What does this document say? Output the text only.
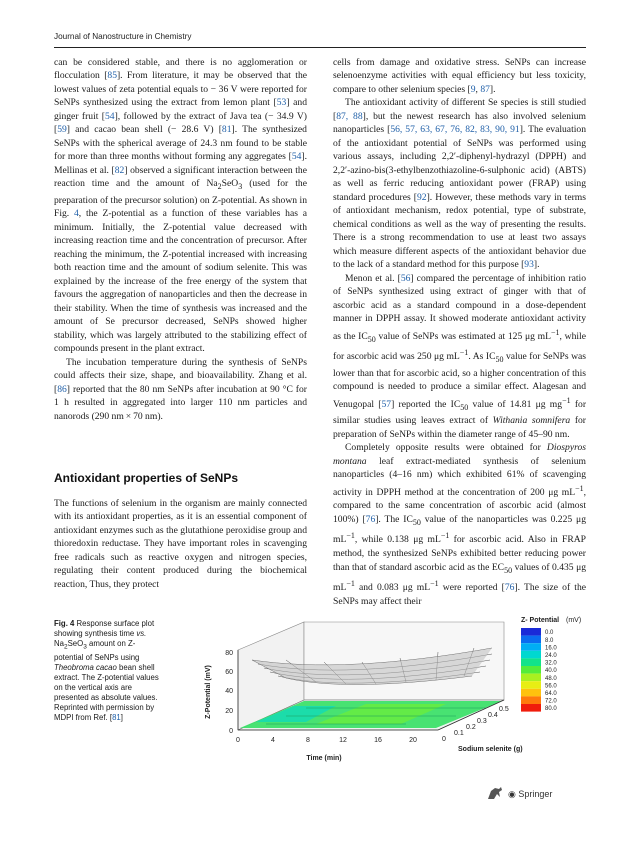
Journal of Nanostructure in Chemistry

can be considered stable, and there is no agglomeration or flocculation [85]. From literature, it may be observed that the lowest values of zeta potential equals to − 36 V were reported for SeNPs synthesized using the extract from lemon plant [53] and ginger fruit [54], followed by the extract of Java tea (− 34.9 V) [59] and cacao bean shell (− 28.6 V) [81]. The synthesized SeNPs with the spherical average of 24.3 nm found to be stable for more than three months without forming any aggregates [54]. Mellinas et al. [82] observed a significant interaction between the reaction time and the amount of $Na_2SeO_3$ (used for the preparation of the precursor solution) on Z-potential. As shown in Fig. 4, the Z-potential as a function of these variables has a minimum. Initially, the Z-potential value decreased with increasing reaction time and the concentration of precursor. After reaching the minimum, the Z-potential increased with increasing both reaction time and the amount of sodium selenite. This was explained by the increase of the free energy of the system that favours the aggregation of nanoparticles and then the decrease in their stability. When the time of synthesis was increased and the amount of Se precursor decreased, SeNPs showed higher stability, which was largely attributed to the stabilizing effect of compounds present in the plant extract.

The incubation temperature during the synthesis of SeNPs could affects their size, shape, and bioavailability. Zhang et al. [86] reported that the 80 nm SeNPs after incubation at 90 °C for 1 h resulted in aggregated into larger 110 nm particles and nanorods (290 nm × 70 nm).

Antioxidant properties of SeNPs

The functions of selenium in the organism are mainly connected with its antioxidant properties, as it is an essential component of antioxidant enzymes such as the glutathione peroxidise group and thioredoxin reductase. They have important roles in scavenging free radicals such as reactive oxygen and nitrogen species, regulating their content produced during the biochemical reaction, Thus, they protect

cells from damage and oxidative stress. SeNPs can increase selenoenzyme activities with equal efficiency but less toxicity, compare to other selenium species [9, 87].

The antioxidant activity of different Se species is still studied [87, 88], but the newest research has also involved selenium nanoparticles [56, 57, 63, 67, 76, 82, 83, 90, 91]. The evaluation of the antioxidant potential of SeNPs was performed using various assays, including 2,2′-diphenyl-hydrazyl (DPPH) and 2,2′-azino-bis(3-ethylbenzothiazoline-6-sulphonic acid) (ABTS) as well as ferric reducing antioxidant power (FRAP) using standard procedures [92]. However, these methods vary in terms of antioxidant mechanism, redox potential, type of substrate, chemical conditions as well as the way of presenting the results. There is a strong recommendation to use at least two assays which measure different aspects of the antioxidant behavior due to the lack of a standard method for this purpose [93].

Menon et al. [56] compared the percentage of inhibition ratio of SeNPs synthesized using extract of ginger with that of ascorbic acid as a standard compound in a dose-dependent manner in DPPH assay. It showed moderate antioxidant activity as the $IC_{50}$ value of SeNPs was estimated at 125 μg $mL^{-1}$, while for ascorbic acid was 250 μg $mL^{-1}$. As $IC_{50}$ value for SeNPs was lower than that for ascorbic acid, so a higher concentration of this compound is needed to produce a similar effect. Alagesan and Venugopal [57] reported the $IC_{50}$ value of 14.81 μg $mg^{-1}$ for similar studies using leaves extract of Withania somnifera for preparation of SeNPs within the diameter range of 45–90 nm.

Completely opposite results were obtained for Diospyros montana leaf extract-mediated synthesis of selenium nanoparticles (4–16 nm) which exhibited 61% of scavenging activity in DPPH method at the concentration of 200 μg $mL^{-1}$, compared to the same concentration of ascorbic acid (almost 100%) [76]. The $IC_{50}$ value of the nanoparticles was 0.225 μg $mL^{-1}$, while 0.138 μg $mL^{-1}$ for ascorbic acid. Also in FRAP method, the synthesized SeNPs exhibited better reducing power than that of standard ascorbic acid as the $EC_{50}$ values of 0.435 μg $mL^{-1}$ and 0.083 μg $mL^{-1}$ were reported [76]. The size of the SeNPs may affect their

Fig. 4 Response surface plot showing synthesis time vs. $Na_2SeO_3$ amount on Z-potential of SeNPs using Theobroma cacao bean shell extract. The Z-potential values on the vertical axis are presented as absolute values. Reprinted with permission by MDPI from Ref. [81]
0
20
40
60
80
Z-Potential (mV)
0	4	8	12	16	20
Time (min)
0
0.1
0.2
0.3
0.4
0.5
Sodium selenite (g)
Z- Potential (mV)
0.0
8.0
16.0
24.0
32.0
40.0
48.0
56.0
64.0
72.0
80.0
◉ Springer
